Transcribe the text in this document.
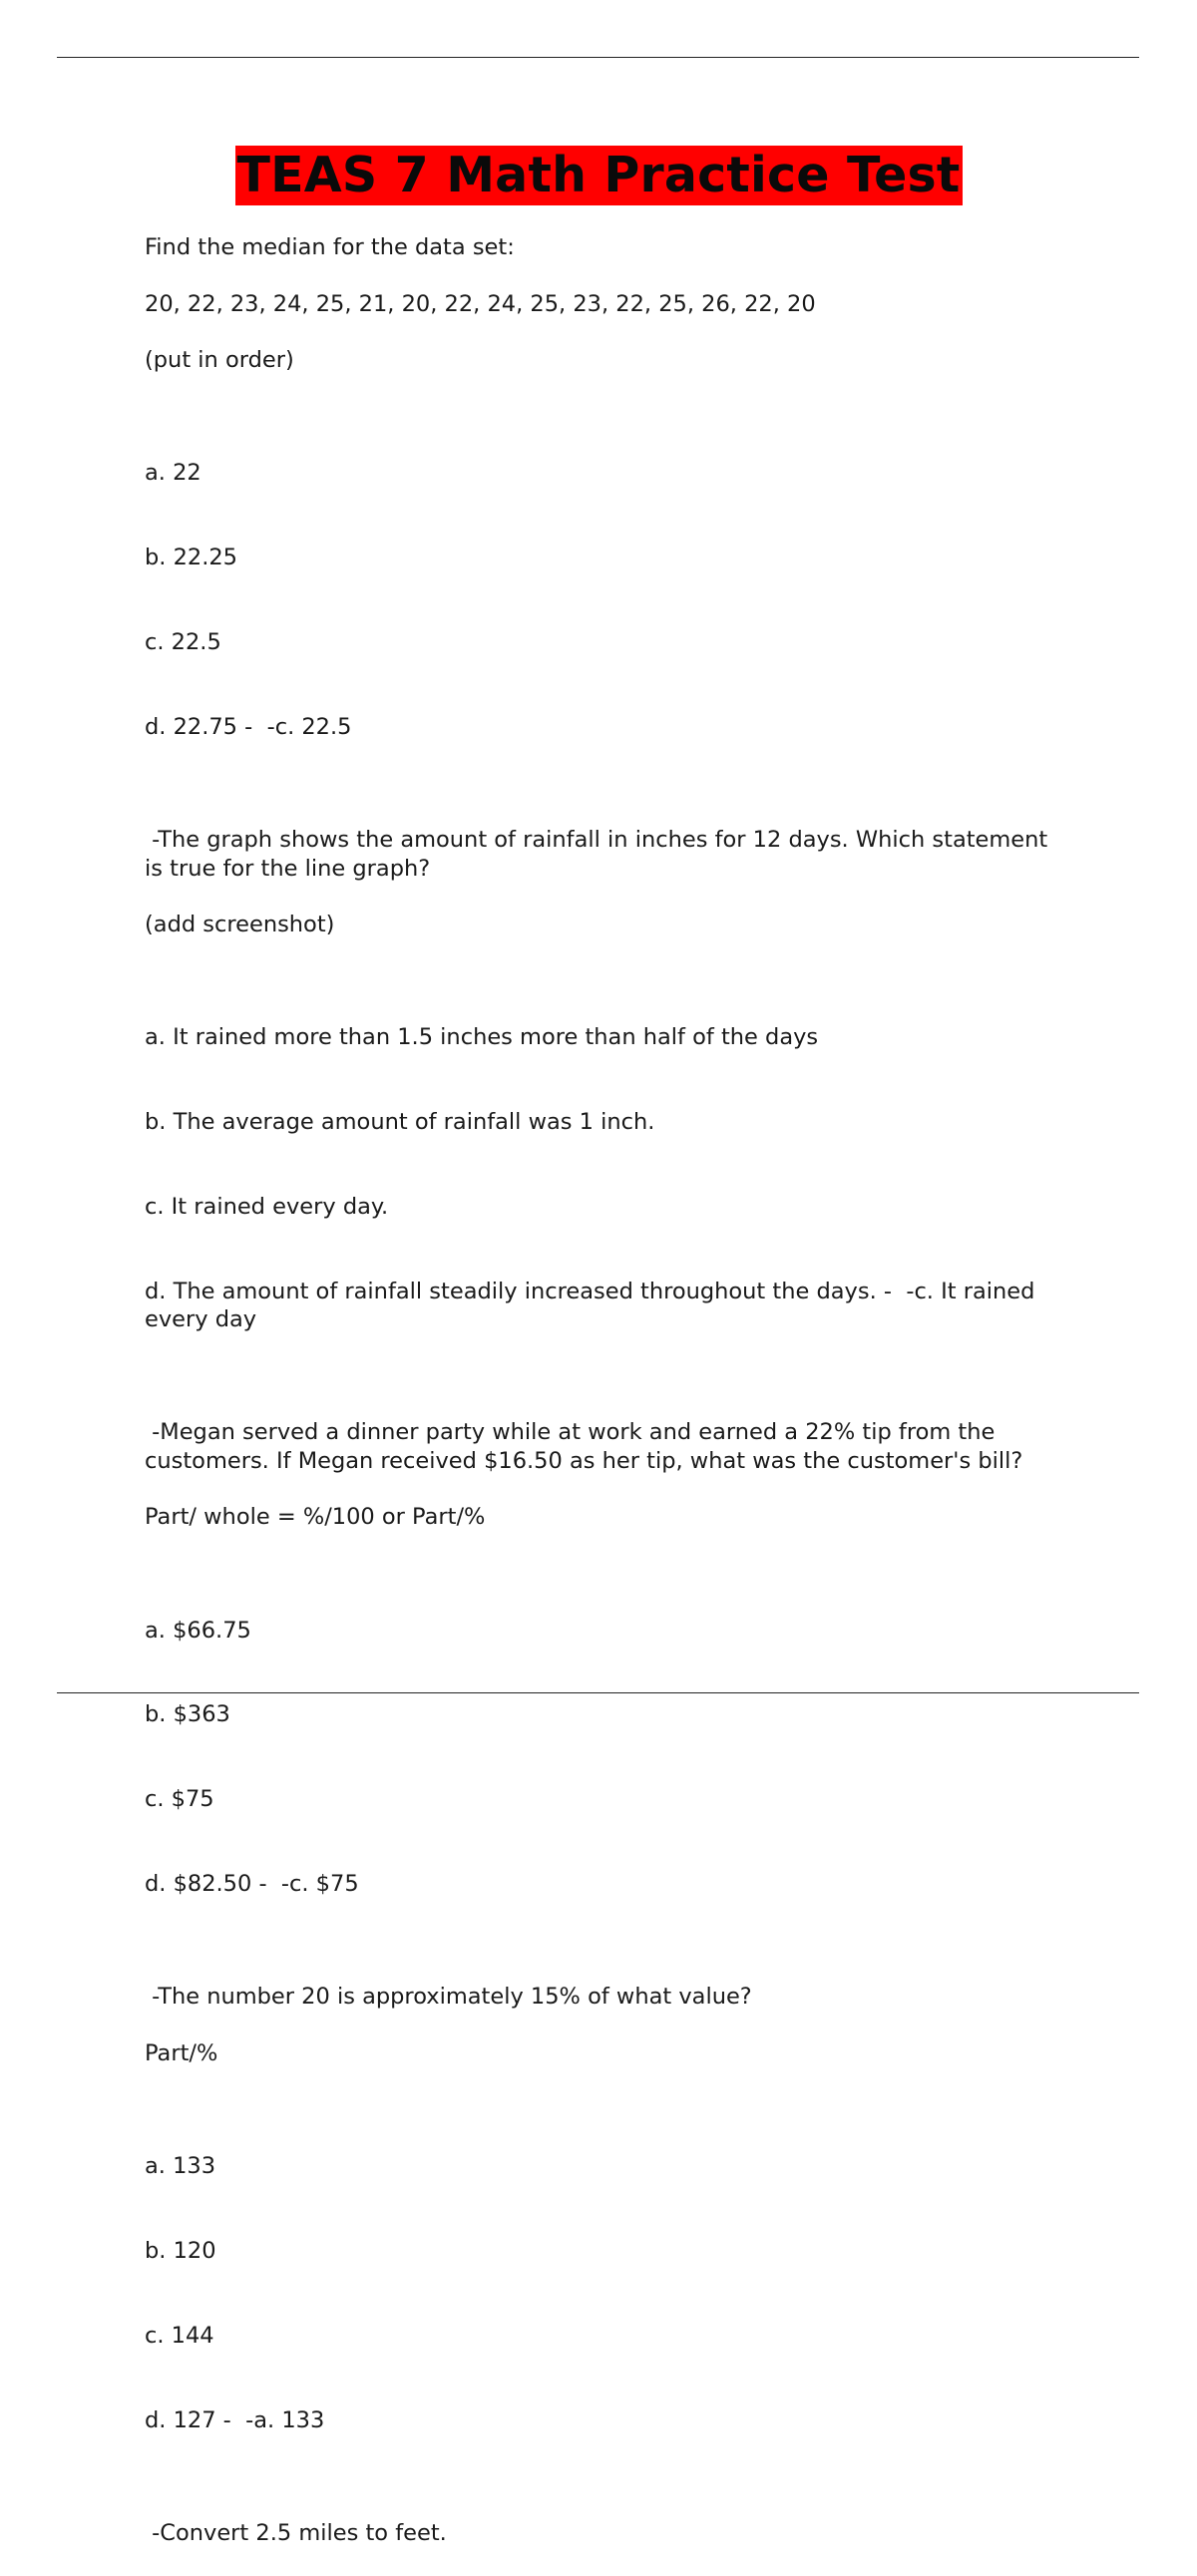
TEAS 7 Math Practice Test

Find the median for the data set:

20, 22, 23, 24, 25, 21, 20, 22, 24, 25, 23, 22, 25, 26, 22, 20

(put in order)

a. 22

b. 22.25

c. 22.5

d. 22.75 -  -c. 22.5

-The graph shows the amount of rainfall in inches for 12 days. Which statement is true for the line graph?

(add screenshot)

a. It rained more than 1.5 inches more than half of the days

b. The average amount of rainfall was 1 inch.

c. It rained every day.

d. The amount of rainfall steadily increased throughout the days. -  -c. It rained every day

-Megan served a dinner party while at work and earned a 22% tip from the customers. If Megan received $16.50 as her tip, what was the customer's bill?

Part/ whole = %/100 or Part/%

a. $66.75

b. $363

c. $75

d. $82.50 -  -c. $75

-The number 20 is approximately 15% of what value?

Part/%

a. 133

b. 120

c. 144

d. 127 -  -a. 133

-Convert 2.5 miles to feet.
